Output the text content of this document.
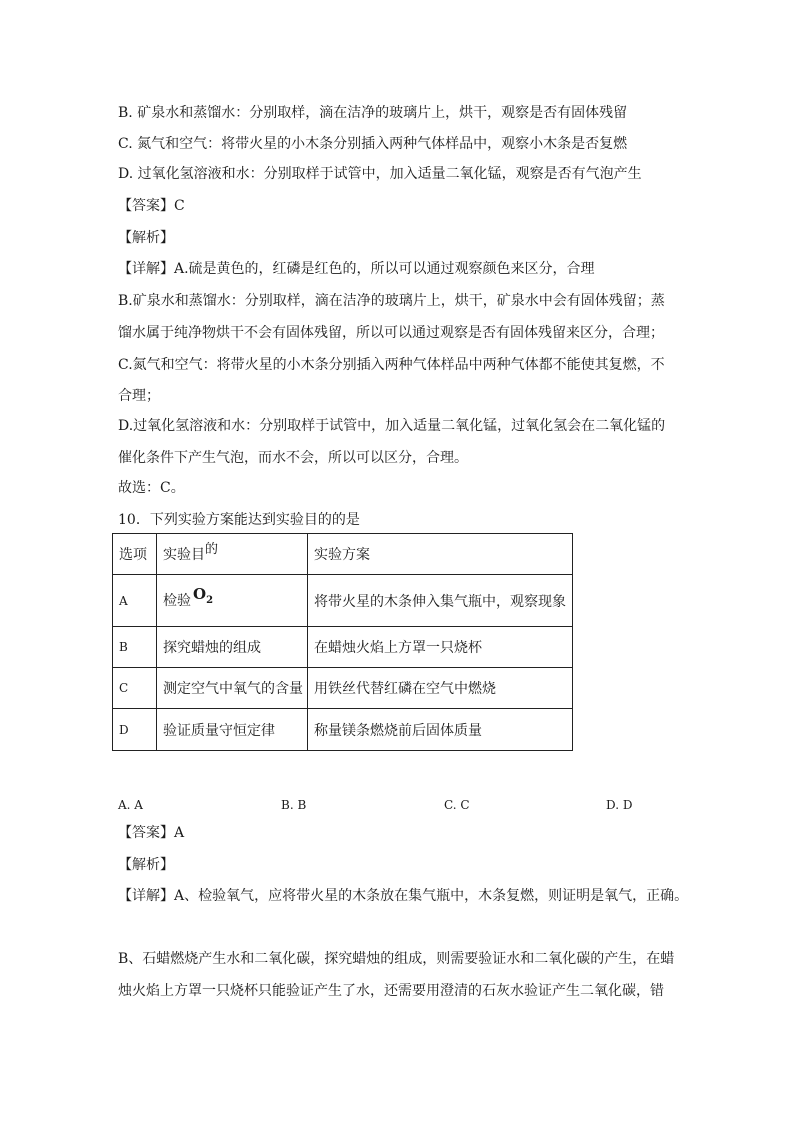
B. 矿泉水和蒸馏水：分别取样，滴在洁净的玻璃片上，烘干，观察是否有固体残留
C. 氮气和空气：将带火星的小木条分别插入两种气体样品中，观察小木条是否复燃
D. 过氧化氢溶液和水：分别取样于试管中，加入适量二氧化锰，观察是否有气泡产生
【答案】C
【解析】
【详解】A.硫是黄色的，红磷是红色的，所以可以通过观察颜色来区分，合理
B.矿泉水和蒸馏水：分别取样，滴在洁净的玻璃片上，烘干，矿泉水中会有固体残留；蒸
馏水属于纯净物烘干不会有固体残留，所以可以通过观察是否有固体残留来区分，合理；
C.氮气和空气：将带火星的小木条分别插入两种气体样品中两种气体都不能使其复燃，不
合理；
D.过氧化氢溶液和水：分别取样于试管中，加入适量二氧化锰，过氧化氢会在二氧化锰的
催化条件下产生气泡，而水不会，所以可以区分，合理。
故选：C。
10．下列实验方案能达到实验目的的是
选项	实验目的	实验方案
A	检验 $O_2$	将带火星的木条伸入集气瓶中，观察现象
B	探究蜡烛的组成	在蜡烛火焰上方罩一只烧杯
C	测定空气中氧气的含量	用铁丝代替红磷在空气中燃烧
D	验证质量守恒定律	称量镁条燃烧前后固体质量
A. A	B. B	C. C	D. D
【答案】A
【解析】
【详解】A、检验氧气，应将带火星的木条放在集气瓶中，木条复燃，则证明是氧气，正确。
B、石蜡燃烧产生水和二氧化碳，探究蜡烛的组成，则需要验证水和二氧化碳的产生，在蜡
烛火焰上方罩一只烧杯只能验证产生了水，还需要用澄清的石灰水验证产生二氧化碳，错
